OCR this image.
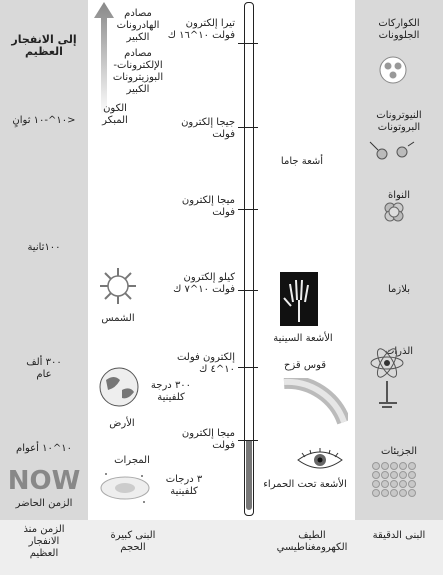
الكواركات
الجلوونات
النيوترونات
البروتونات
النواة
بلازما
الذرات
الجزيئات
تيرا إلكترون
فولت ١٠^١٦ ك
جيجا إلكترون
فولت
ميجا إلكترون
فولت
كيلو إلكترون
فولت ١٠^٧ ك
إلكترون فولت
١٠^٤ ك
ميجا إلكترون
فولت
أشعة جاما
الأشعة السينية
قوس قزح
الأشعة تحت الحمراء
مصادم
الهادرونات
الكبير
مصادم
الإلكترونات-
البوزيترونات
الكبير
الكون
المبكر
الشمس
الأرض
٣٠٠ درجة
كلفينية
المجرات
٣ درجات
كلفينية
إلى الانفجار
العظيم
<١٠^-١٠ ثوانٍ
١٠٠ثانية
٣٠٠ ألف
عام
١٠^١٠ أعوام
NOW
الزمن الحاضر
البنى الدقيقة
الطيف
الكهرومغناطيسي
البنى كبيرة
الحجم
الزمن منذ
الانفجار
العظيم
